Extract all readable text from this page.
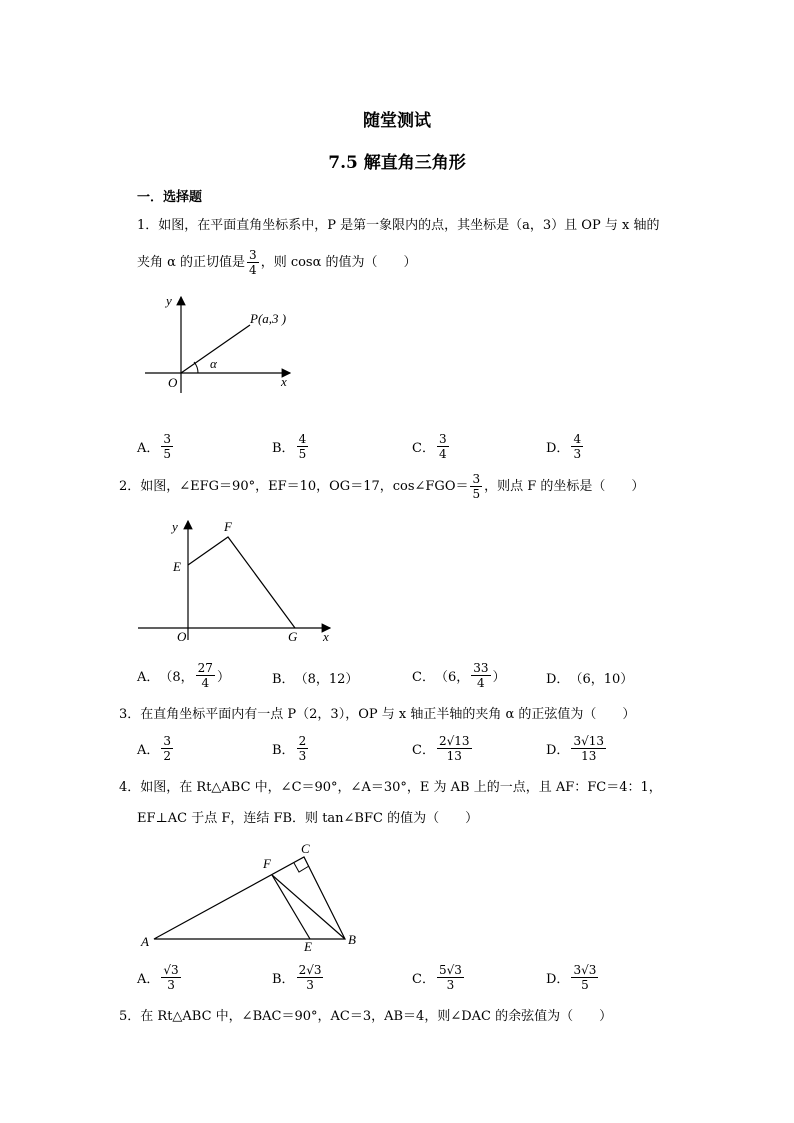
随堂测试
7.5 解直角三角形
一．选择题
1．如图，在平面直角坐标系中，P 是第一象限内的点，其坐标是（a，3）且 OP 与 x 轴的
夹角 α 的正切值是 $\frac{3}{4}$ ，则 cosα 的值为（　　）
y
O	x
P(a,3 )
α
A． $\frac{3}{5}$	B． $\frac{4}{5}$	C． $\frac{3}{4}$	D． $\frac{4}{3}$
2．如图，∠EFG＝90°，EF＝10，OG＝17，cos∠FGO＝ $\frac{3}{5}$ ，则点 F 的坐标是（　　）
y
E
F
O	G x
A． （8， $\frac{27}{4}$ ）	B． （8，12）	C． （6， $\frac{33}{4}$ ）	D． （6，10）
3．在直角坐标平面内有一点 P（2，3），OP 与 x 轴正半轴的夹角 α 的正弦值为（　　）
A． $\frac{3}{2}$	B． $\frac{2}{3}$	C． $\frac{2√13}{13}$	D． $\frac{3√13}{13}$
4．如图，在 Rt△ABC 中，∠C＝90°，∠A＝30°，E 为 AB 上的一点，且 AF：FC＝4：1，
EF⊥AC 于点 F，连结 FB．则 tan∠BFC 的值为（　　）
A	B
C
E
F
A． $\frac{√3}{3}$	B． $\frac{2√3}{3}$	C． $\frac{5√3}{3}$	D． $\frac{3√3}{5}$
5．在 Rt△ABC 中，∠BAC＝90°，AC＝3，AB＝4，则∠DAC 的余弦值为（　　）
